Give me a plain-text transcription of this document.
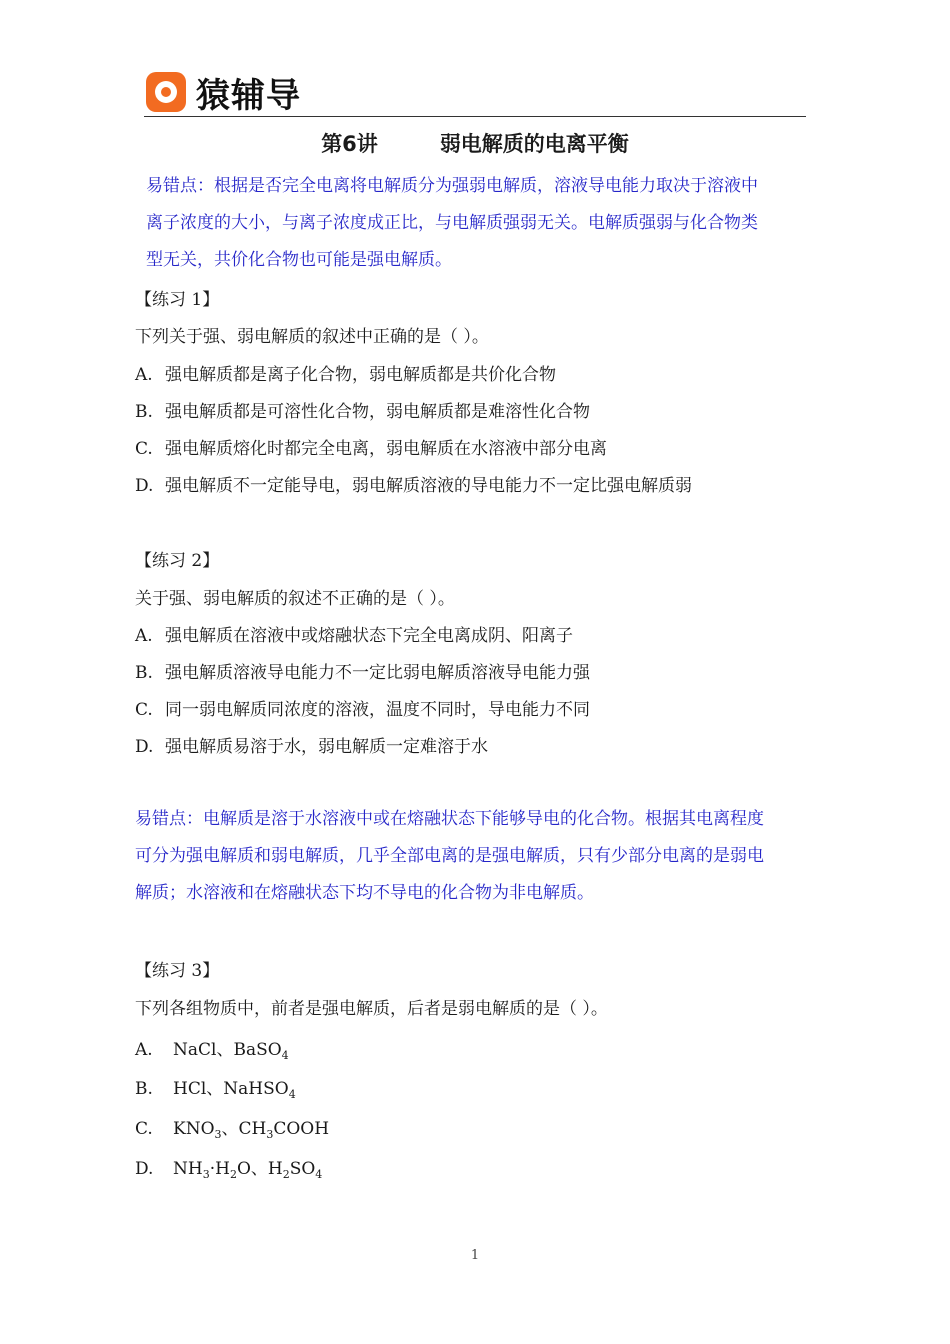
猿辅导
第6讲	弱电解质的电离平衡
易错点：根据是否完全电离将电解质分为强弱电解质，溶液导电能力取决于溶液中
离子浓度的大小，与离子浓度成正比，与电解质强弱无关。电解质强弱与化合物类
型无关，共价化合物也可能是强电解质。
【练习 1】
下列关于强、弱电解质的叙述中正确的是（ ）。
A. 强电解质都是离子化合物，弱电解质都是共价化合物
B. 强电解质都是可溶性化合物，弱电解质都是难溶性化合物
C. 强电解质熔化时都完全电离，弱电解质在水溶液中部分电离
D. 强电解质不一定能导电，弱电解质溶液的导电能力不一定比强电解质弱
【练习 2】
关于强、弱电解质的叙述不正确的是（ ）。
A. 强电解质在溶液中或熔融状态下完全电离成阴、阳离子
B. 强电解质溶液导电能力不一定比弱电解质溶液导电能力强
C. 同一弱电解质同浓度的溶液，温度不同时，导电能力不同
D. 强电解质易溶于水，弱电解质一定难溶于水
易错点：电解质是溶于水溶液中或在熔融状态下能够导电的化合物。根据其电离程度
可分为强电解质和弱电解质，几乎全部电离的是强电解质，只有少部分电离的是弱电
解质；水溶液和在熔融状态下均不导电的化合物为非电解质。
【练习 3】
下列各组物质中，前者是强电解质，后者是弱电解质的是（ ）。
A. NaCl、BaSO$_4$
B. HCl、NaHSO$_4$
C. $KNO_3$、$CH_3COOH$
D. $NH_3\cdot H_2O$、$H_2SO_4$
1
